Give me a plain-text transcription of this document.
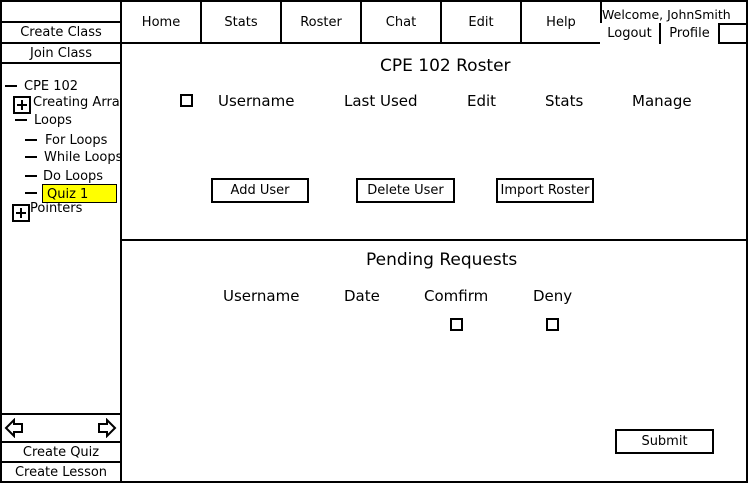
Create Class
Join Class
CPE 102
Creating Arra
Loops
For Loops
While Loops
Do Loops
Quiz 1
Pointers
Create Quiz
Create Lesson
Home	Stats	Roster	Chat	Edit	Help
Welcome, JohnSmith
Logout	Profile
CPE 102 Roster
Username	Last Used	Edit	Stats	Manage
Add User	Delete User	Import Roster
Pending Requests
Username	Date	Comfirm	Deny
Submit
